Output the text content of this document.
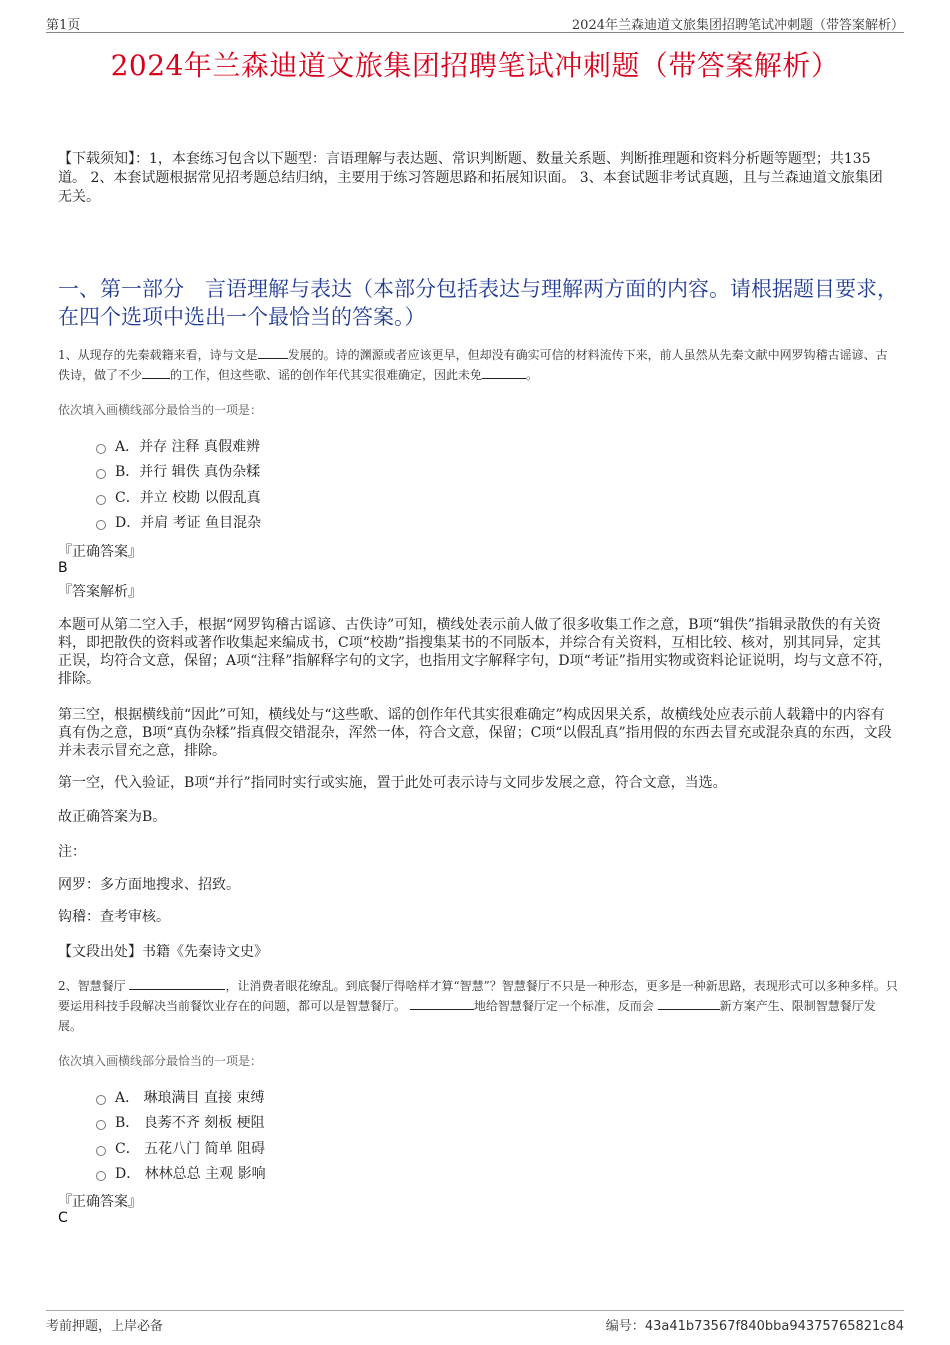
第1页	2024年兰森迪道文旅集团招聘笔试冲刺题（带答案解析）
2024年兰森迪道文旅集团招聘笔试冲刺题（带答案解析）
【下载须知】：1，本套练习包含以下题型：言语理解与表达题、常识判断题、数量关系题、判断推理题和资料分析题等题型；共135道。 2、本套试题根据常见招考题总结归纳，主要用于练习答题思路和拓展知识面。 3、本套试题非考试真题，且与兰森迪道文旅集团无关。
一、第一部分　言语理解与表达（本部分包括表达与理解两方面的内容。请根据题目要求，在四个选项中选出一个最恰当的答案。）
1、从现存的先秦载籍来看，诗与文是	发展的。诗的渊源或者应该更早，但却没有确实可信的材料流传下来，前人虽然从先秦文献中网罗钩稽古谣谚、古佚诗，做了不少 的工作，但这些歌、谣的创作年代其实很难确定，因此未免	。
依次填入画横线部分最恰当的一项是：
A．并存 注释 真假难辨
B．并行 辑佚 真伪杂糅
C．并立 校勘 以假乱真
D．并肩 考证 鱼目混杂
『正确答案』
B
『答案解析』
本题可从第二空入手，根据“网罗钩稽古谣谚、古佚诗”可知，横线处表示前人做了很多收集工作之意，B项“辑佚”指辑录散佚的有关资料，即把散佚的资料或著作收集起来编成书，C项“校勘”指搜集某书的不同版本，并综合有关资料，互相比较、核对，别其同异，定其正误，均符合文意，保留；A项“注释”指解释字句的文字，也指用文字解释字句，D项“考证”指用实物或资料论证说明，均与文意不符，排除。
第三空，根据横线前“因此”可知，横线处与“这些歌、谣的创作年代其实很难确定”构成因果关系，故横线处应表示前人载籍中的内容有真有伪之意，B项“真伪杂糅”指真假交错混杂，浑然一体，符合文意，保留；C项“以假乱真”指用假的东西去冒充或混杂真的东西，文段并未表示冒充之意，排除。
第一空，代入验证，B项“并行”指同时实行或实施，置于此处可表示诗与文同步发展之意，符合文意，当选。
故正确答案为B。
注：
网罗：多方面地搜求、招致。
钩稽：查考审核。
【文段出处】书籍《先秦诗文史》
2、智慧餐厅	，让消费者眼花缭乱。到底餐厅得啥样才算“智慧”？智慧餐厅不只是一种形态，更多是一种新思路，表现形式可以多种多样。只要运用科技手段解决当前餐饮业存在的问题，都可以是智慧餐厅。	地给智慧餐厅定一个标准，反而会	新方案产生、限制智慧餐厅发展。
依次填入画横线部分最恰当的一项是：
A． 琳琅满目 直接 束缚
B． 良莠不齐 刻板 梗阻
C． 五花八门 简单 阻碍
D． 林林总总 主观 影响
『正确答案』
C
考前押题，上岸必备	编号：43a41b73567f840bba94375765821c84
